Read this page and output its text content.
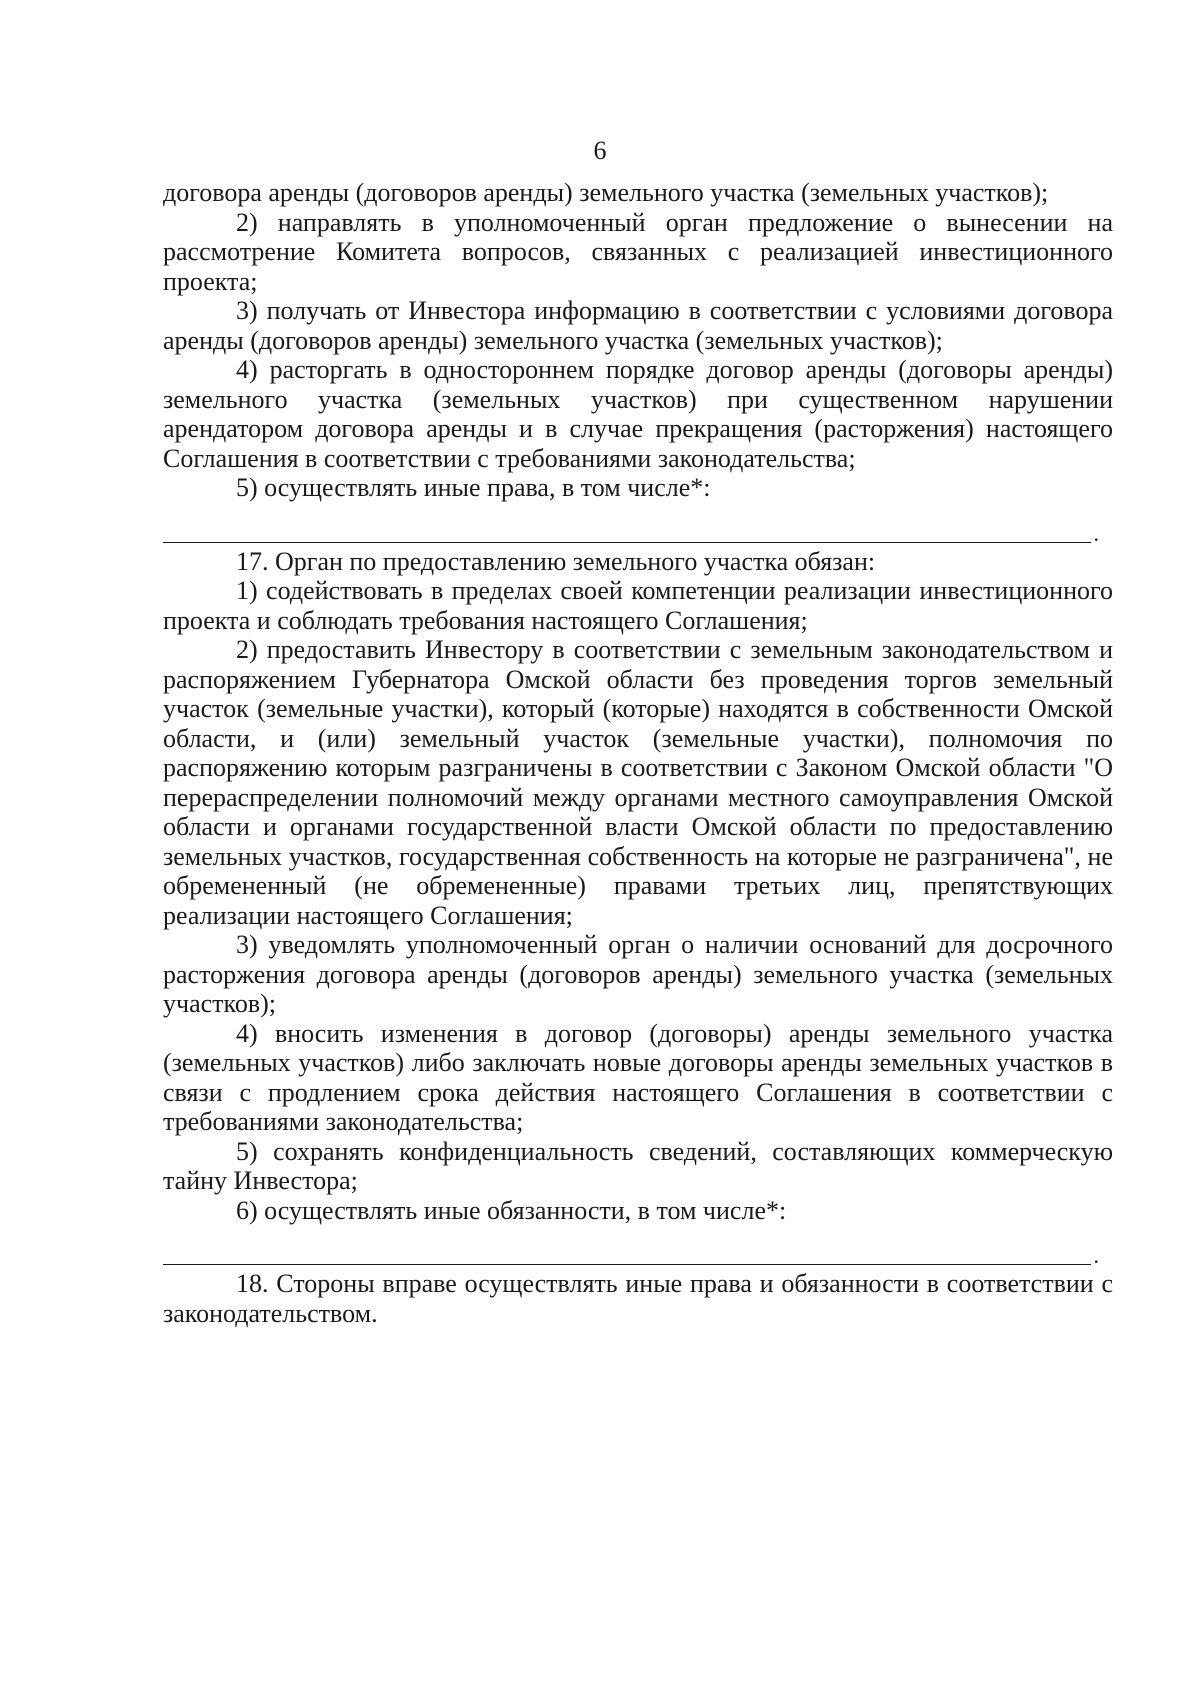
6

договора аренды (договоров аренды) земельного участка (земельных участков);

2) направлять в уполномоченный орган предложение о вынесении на рассмотрение Комитета вопросов, связанных с реализацией инвестиционного проекта;

3) получать от Инвестора информацию в соответствии с условиями договора аренды (договоров аренды) земельного участка (земельных участков);

4) расторгать в одностороннем порядке договор аренды (договоры аренды) земельного участка (земельных участков) при существенном нарушении арендатором договора аренды и в случае прекращения (расторжения) настоящего Соглашения в соответствии с требованиями законодательства;

5) осуществлять иные права, в том числе*:

.

17. Орган по предоставлению земельного участка обязан:

1) содействовать в пределах своей компетенции реализации инвестиционного проекта и соблюдать требования настоящего Соглашения;

2) предоставить Инвестору в соответствии с земельным законодательством и распоряжением Губернатора Омской области без проведения торгов земельный участок (земельные участки), который (которые) находятся в собственности Омской области, и (или) земельный участок (земельные участки), полномочия по распоряжению которым разграничены в соответствии с Законом Омской области "О перераспределении полномочий между органами местного самоуправления Омской области и органами государственной власти Омской области по предоставлению земельных участков, государственная собственность на которые не разграничена", не обремененный (не обремененные) правами третьих лиц, препятствующих реализации настоящего Соглашения;

3) уведомлять уполномоченный орган о наличии оснований для досрочного расторжения договора аренды (договоров аренды) земельного участка (земельных участков);

4) вносить изменения в договор (договоры) аренды земельного участка (земельных участков) либо заключать новые договоры аренды земельных участков в связи с продлением срока действия настоящего Соглашения в соответствии с требованиями законодательства;

5) сохранять конфиденциальность сведений, составляющих коммерческую тайну Инвестора;

6) осуществлять иные обязанности, в том числе*:

.

18. Стороны вправе осуществлять иные права и обязанности в соответствии с законодательством.
